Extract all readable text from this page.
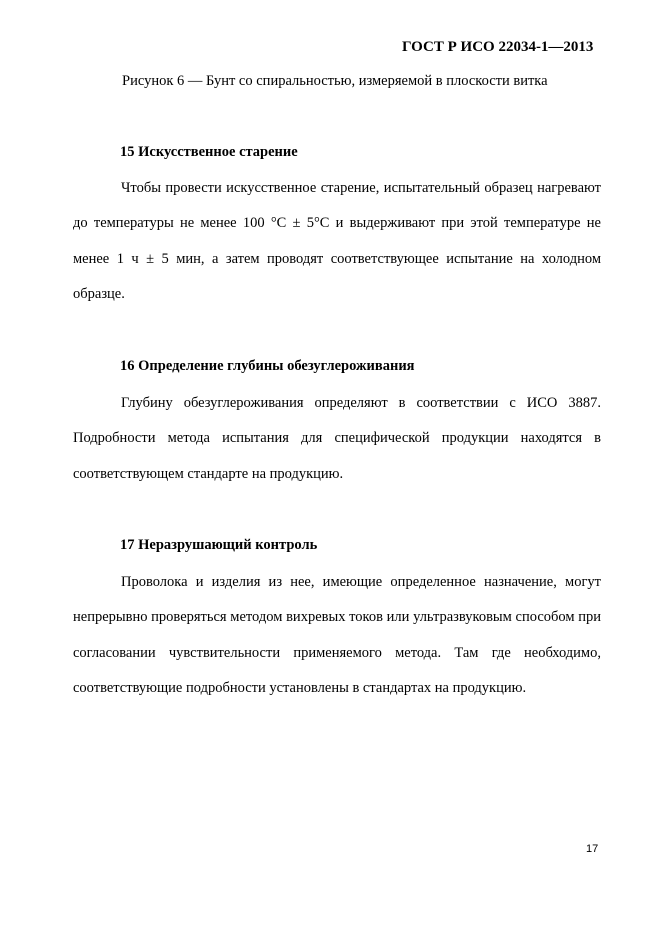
ГОСТ Р ИСО 22034-1—2013
Рисунок 6 — Бунт со спиральностью, измеряемой в плоскости витка
15 Искусственное старение
Чтобы провести искусственное старение, испытательный образец нагревают до температуры не менее 100 °С ± 5°С и выдерживают при этой температуре не менее 1 ч ± 5 мин, а затем проводят соответствующее испытание на холодном образце.
16 Определение глубины обезуглероживания
Глубину обезуглероживания определяют в соответствии с ИСО 3887. Подробности метода испытания для специфической продукции находятся в соответствующем стандарте на продукцию.
17 Неразрушающий контроль
Проволока и изделия из нее, имеющие определенное назначение, могут непрерывно проверяться методом вихревых токов или ультразвуковым способом при согласовании чувствительности применяемого метода. Там где необходимо, соответствующие подробности установлены в стандартах на продукцию.
17
